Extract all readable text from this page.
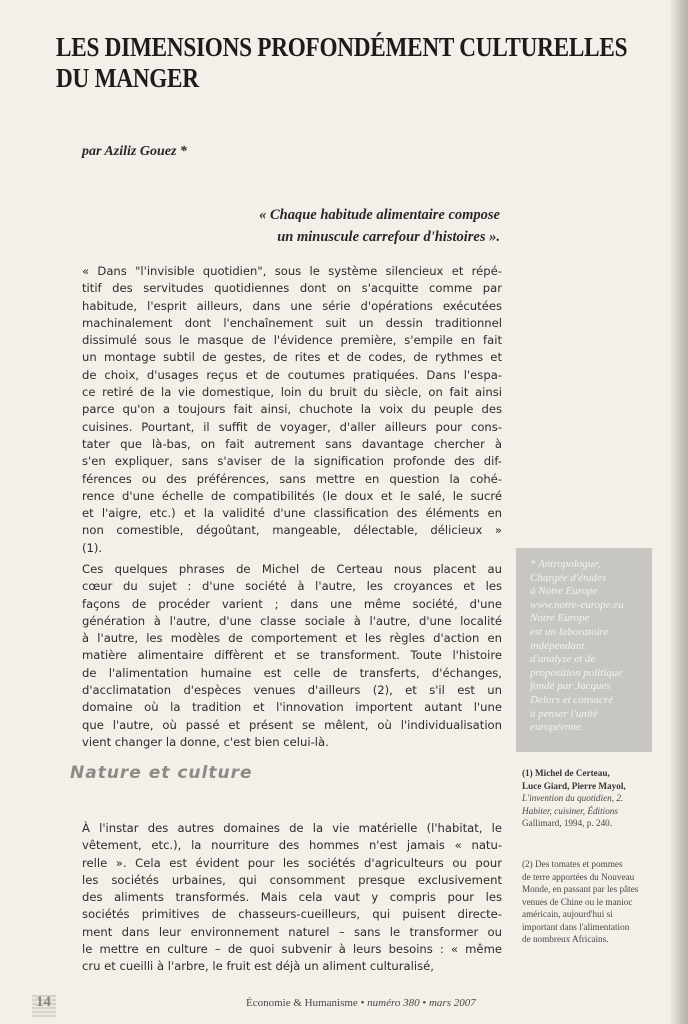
LES DIMENSIONS PROFONDÉMENT CULTURELLES
DU MANGER
par Aziliz Gouez *
« Chaque habitude alimentaire compose
un minuscule carrefour d'histoires ».
« Dans "l'invisible quotidien", sous le système silencieux et répé-
titif des servitudes quotidiennes dont on s'acquitte comme par
habitude, l'esprit ailleurs, dans une série d'opérations exécutées
machinalement dont l'enchaînement suit un dessin traditionnel
dissimulé sous le masque de l'évidence première, s'empile en fait
un montage subtil de gestes, de rites et de codes, de rythmes et
de choix, d'usages reçus et de coutumes pratiquées. Dans l'espa-
ce retiré de la vie domestique, loin du bruit du siècle, on fait ainsi
parce qu'on a toujours fait ainsi, chuchote la voix du peuple des
cuisines. Pourtant, il suffit de voyager, d'aller ailleurs pour cons-
tater que là-bas, on fait autrement sans davantage chercher à
s'en expliquer, sans s'aviser de la signification profonde des dif-
férences ou des préférences, sans mettre en question la cohé-
rence d'une échelle de compatibilités (le doux et le salé, le sucré
et l'aigre, etc.) et la validité d'une classification des éléments en
non comestible, dégoûtant, mangeable, délectable, délicieux »
(1).
Ces quelques phrases de Michel de Certeau nous placent au
cœur du sujet : d'une société à l'autre, les croyances et les
façons de procéder varient ; dans une même société, d'une
génération à l'autre, d'une classe sociale à l'autre, d'une localité
à l'autre, les modèles de comportement et les règles d'action en
matière alimentaire diffèrent et se transforment. Toute l'histoire
de l'alimentation humaine est celle de transferts, d'échanges,
d'acclimatation d'espèces venues d'ailleurs (2), et s'il est un
domaine où la tradition et l'innovation importent autant l'une
que l'autre, où passé et présent se mêlent, où l'individualisation
vient changer la donne, c'est bien celui-là.
Nature et culture
À l'instar des autres domaines de la vie matérielle (l'habitat, le
vêtement, etc.), la nourriture des hommes n'est jamais « natu-
relle ». Cela est évident pour les sociétés d'agriculteurs ou pour
les sociétés urbaines, qui consomment presque exclusivement
des aliments transformés. Mais cela vaut y compris pour les
sociétés primitives de chasseurs-cueilleurs, qui puisent directe-
ment dans leur environnement naturel – sans le transformer ou
le mettre en culture – de quoi subvenir à leurs besoins : « même
cru et cueilli à l'arbre, le fruit est déjà un aliment culturalisé,
* Antropologue,
Chargée d'études
à Notre Europe
www.notre-europe.eu
Notre Europe
est un laboratoire
indépendant
d'analyse et de
proposition politique
fondé par Jacques
Delors et consacré
à penser l'unité
européenne.
(1) Michel de Certeau,
Luce Giard, Pierre Mayol,
L'invention du quotidien, 2.
Habiter, cuisiner, Éditions
Gallimard, 1994, p. 240.
(2) Des tomates et pommes
de terre apportées du Nouveau
Monde, en passant par les pâtes
venues de Chine ou le manioc
américain, aujourd'hui si
important dans l'alimentation
de nombreux Africains.
14	Économie & Humanisme • numéro 380 • mars 2007
